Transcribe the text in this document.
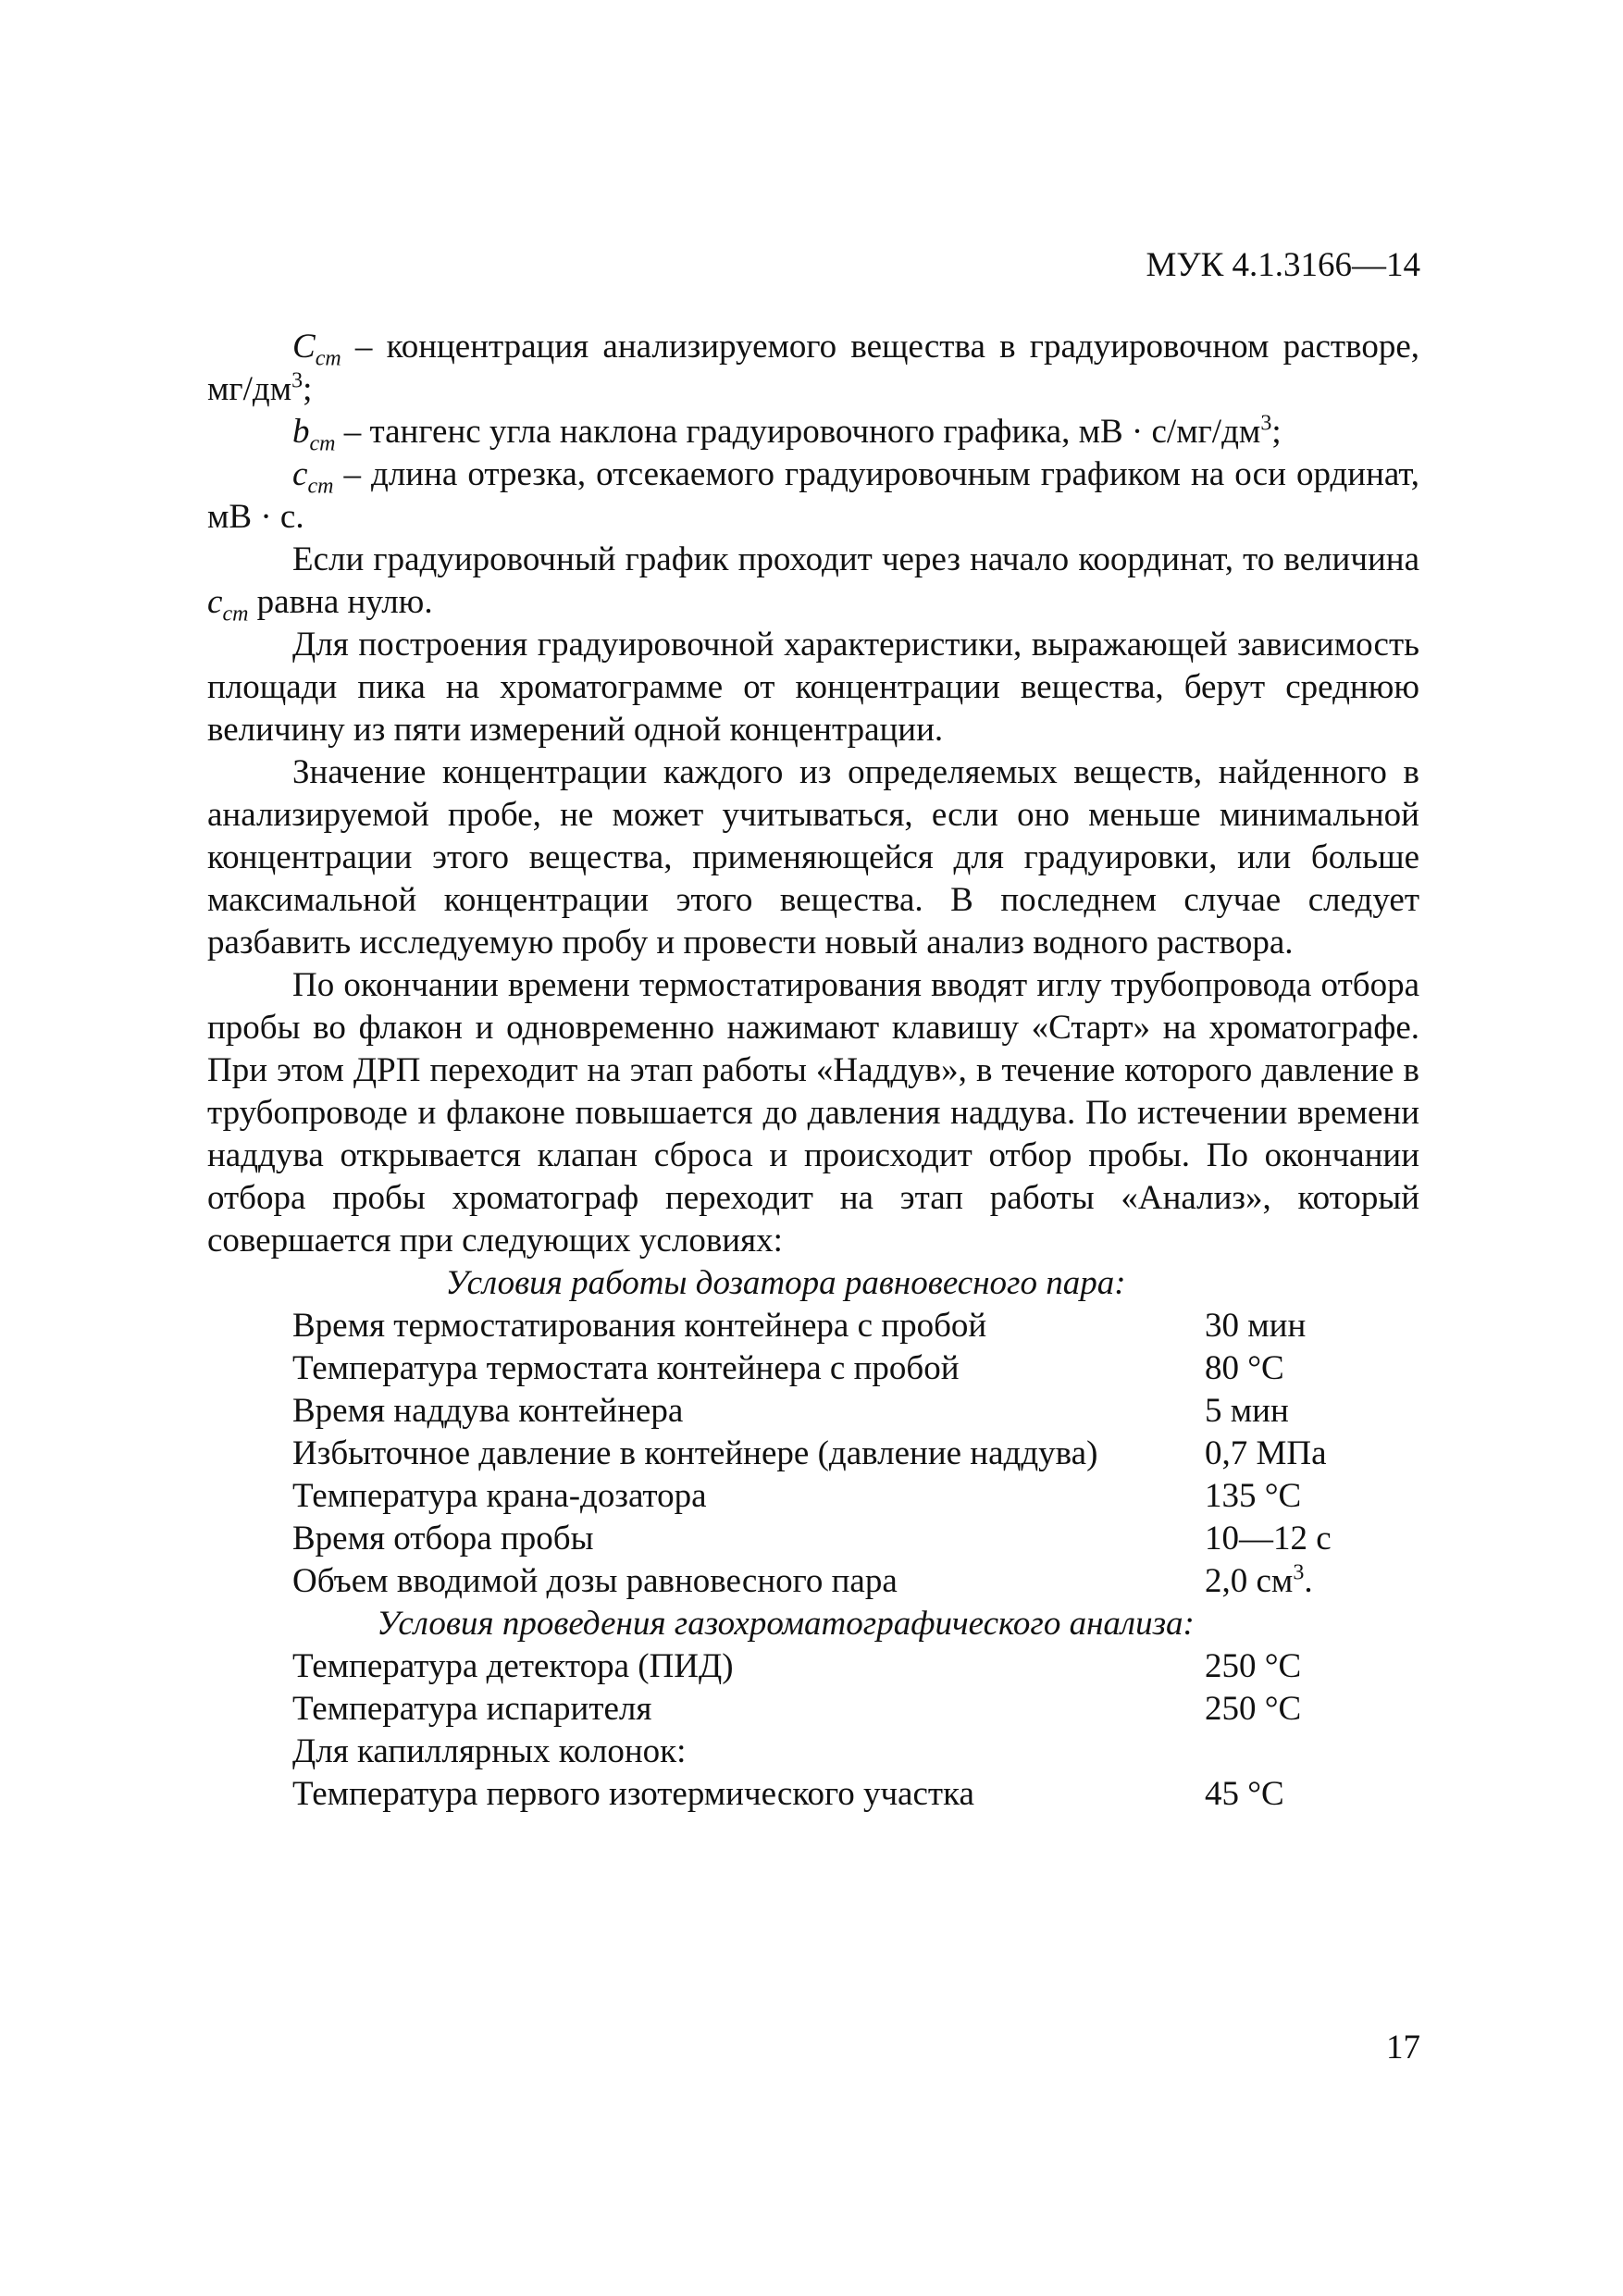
МУК 4.1.3166—14

$C_{cm}$ – концентрация анализируемого вещества в градуировочном растворе, $мг/дм^3$;

$b_{cm}$ – тангенс угла наклона градуировочного графика, мВ · $с/мг/дм^3$;

$c_{cm}$ – длина отрезка, отсекаемого градуировочным графиком на оси ординат, мВ · с.

Если градуировочный график проходит через начало координат, то величина $c_{cm}$ равна нулю.

Для построения градуировочной характеристики, выражающей зависимость площади пика на хроматограмме от концентрации вещества, берут среднюю величину из пяти измерений одной концентрации.

Значение концентрации каждого из определяемых веществ, найденного в анализируемой пробе, не может учитываться, если оно меньше минимальной концентрации этого вещества, применяющейся для градуировки, или больше максимальной концентрации этого вещества. В последнем случае следует разбавить исследуемую пробу и провести новый анализ водного раствора.

По окончании времени термостатирования вводят иглу трубопровода отбора пробы во флакон и одновременно нажимают клавишу «Старт» на хроматографе. При этом ДРП переходит на этап работы «Наддув», в течение которого давление в трубопроводе и флаконе повышается до давления наддува. По истечении времени наддува открывается клапан сброса и происходит отбор пробы. По окончании отбора пробы хроматограф переходит на этап работы «Анализ», который совершается при следующих условиях:

Условия работы дозатора равновесного пара:

Время термостатирования контейнера с пробой	30 мин
Температура термостата контейнера с пробой	80 °С
Время наддува контейнера	5 мин
Избыточное давление в контейнере (давление наддува)	0,7 МПа
Температура крана-дозатора	135 °С
Время отбора пробы	10—12 с
Объем вводимой дозы равновесного пара	2,0 $см^3$.

Условия проведения газохроматографического анализа:

Температура детектора (ПИД)	250 °С
Температура испарителя	250 °С
Для капиллярных колонок:
Температура первого изотермического участка	45 °С
17
